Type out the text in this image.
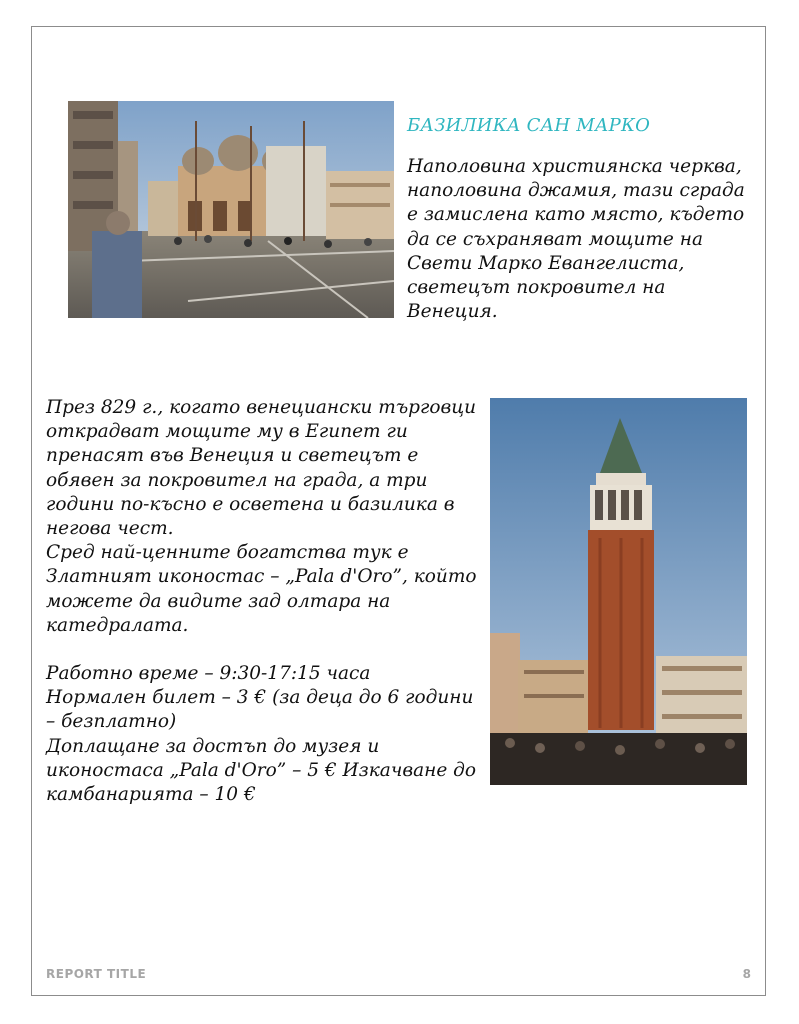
БАЗИЛИКА САН МАРКО
Наполовина християнска черква, наполовина джамия, тази сграда е замислена като място, където да се съхраняват мощите на Свети Марко Евангелиста, светецът покровител на Венеция.

През 829 г., когато венециански търговци открадват мощите му в Египет ги пренасят във Венеция и светецът е обявен за покровител на града, а три години по-късно е осветена и базилика в негова чест.

Сред най-ценните богатства тук е Златният иконостас – „Pala d'Oro”, който можете да видите зад олтара на катедралата.

Работно време – 9:30-17:15 часа

Нормален билет – 3 € (за деца до 6 години – безплатно)

Доплащане за достъп до музея и иконостаса „Pala d'Oro” – 5 € Изкачване до камбанарията – 10 €

REPORT TITLE	8
